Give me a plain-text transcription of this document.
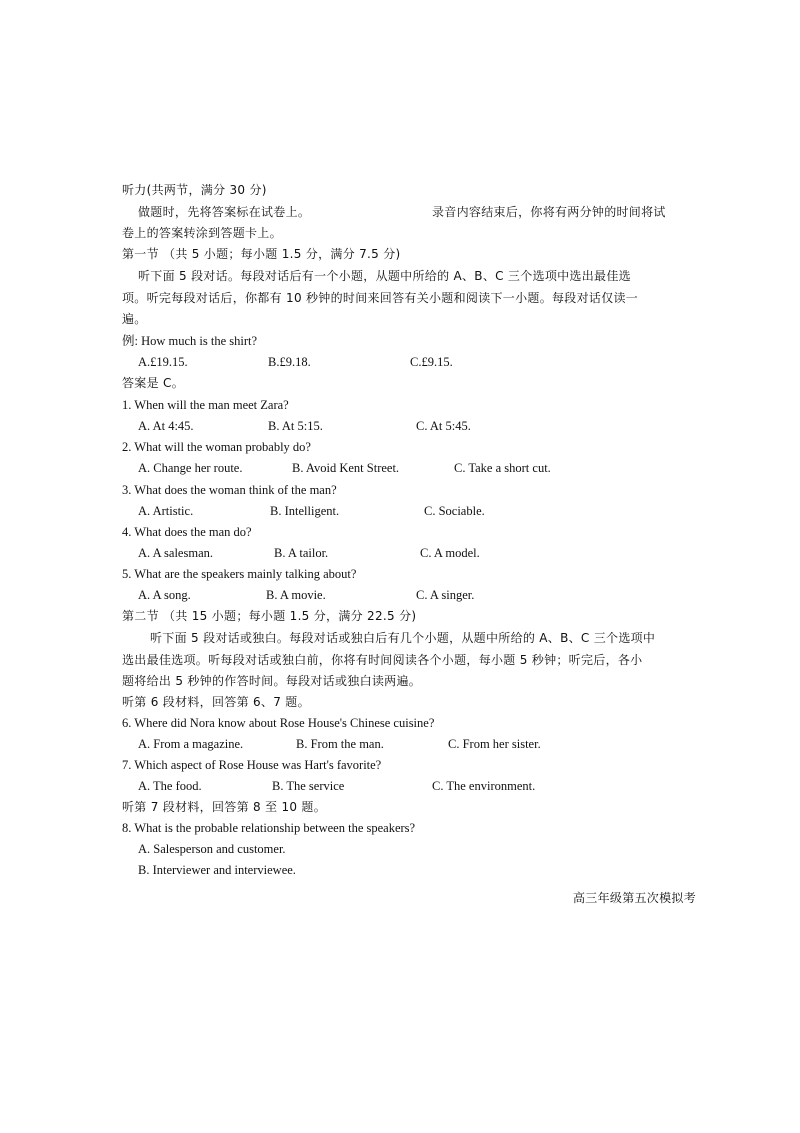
听力(共两节，满分 30 分)
做题时，先将答案标在试卷上。	录音内容结束后，你将有两分钟的时间将试
卷上的答案转涂到答题卡上。
第一节 （共 5 小题；每小题 1.5 分，满分 7.5 分)
听下面 5 段对话。每段对话后有一个小题，从题中所给的 A、B、C 三个选项中选出最佳选
项。听完每段对话后，你都有 10 秒钟的时间来回答有关小题和阅读下一小题。每段对话仅读一
遍。
例: How much is the shirt?
A.£19.15.	B.£9.18.	C.£9.15.
答案是 C。
1. When will the man meet Zara?
A. At 4:45.	B. At 5:15.	C. At 5:45.
2. What will the woman probably do?
A. Change her route.	B. Avoid Kent Street.	C. Take a short cut.
3. What does the woman think of the man?
A. Artistic.	B. Intelligent.	C. Sociable.
4. What does the man do?
A. A salesman.	B. A tailor.	C. A model.
5. What are the speakers mainly talking about?
A. A song.	B. A movie.	C. A singer.
第二节 （共 15 小题；每小题 1.5 分，满分 22.5 分)
听下面 5 段对话或独白。每段对话或独白后有几个小题，从题中所给的 A、B、C 三个选项中
选出最佳选项。听每段对话或独白前，你将有时间阅读各个小题，每小题 5 秒钟；听完后，各小
题将给出 5 秒钟的作答时间。每段对话或独白读两遍。
听第 6 段材料，回答第 6、7 题。
6. Where did Nora know about Rose House's Chinese cuisine?
A. From a magazine.	B. From the man.	C. From her sister.
7. Which aspect of Rose House was Hart's favorite?
A. The food.	B. The service	C. The environment.
听第 7 段材料，回答第 8 至 10 题。
8. What is the probable relationship between the speakers?
A. Salesperson and customer.
B. Interviewer and interviewee.
高三年级第五次模拟考
